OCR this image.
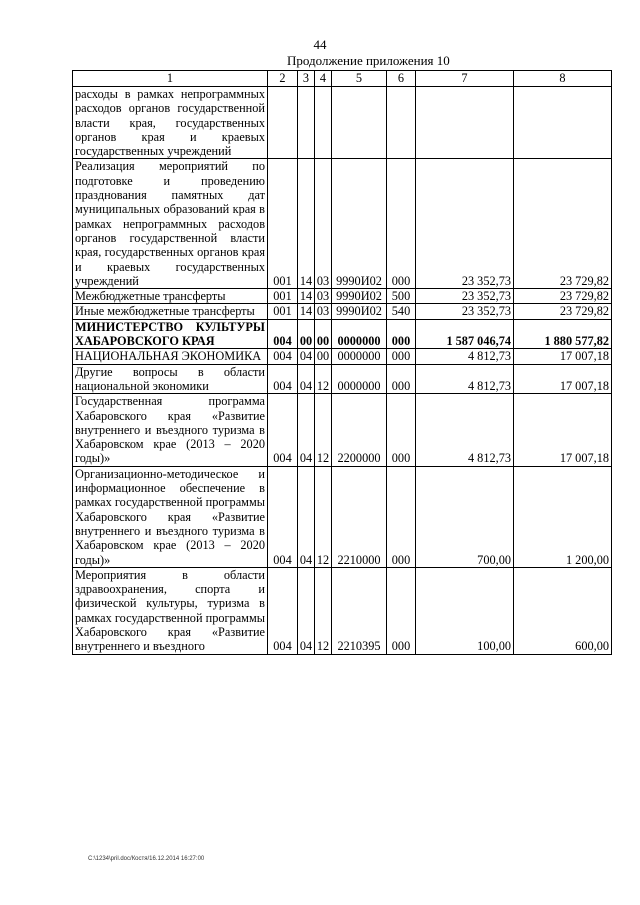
44
Продолжение приложения 10
1	2	3	4	5	6	7	8
расходы в рамках непрограммных расходов органов государственной власти края, государственных органов края и краевых государственных учреждений							
Реализация мероприятий по подготовке и проведению празднования памятных дат муниципальных образований края в рамках непрограммных расходов органов государственной власти края, государственных органов края и краевых государственных учреждений	001	14	03	9990И02	000	23 352,73	23 729,82
Межбюджетные трансферты	001	14	03	9990И02	500	23 352,73	23 729,82
Иные межбюджетные трансферты	001	14	03	9990И02	540	23 352,73	23 729,82
МИНИСТЕРСТВО КУЛЬТУРЫ ХАБАРОВСКОГО КРАЯ	004	00	00	0000000	000	1 587 046,74	1 880 577,82
НАЦИОНАЛЬНАЯ ЭКОНОМИКА	004	04	00	0000000	000	4 812,73	17 007,18
Другие вопросы в области национальной экономики	004	04	12	0000000	000	4 812,73	17 007,18
Государственная программа Хабаровского края «Развитие внутреннего и въездного туризма в Хабаровском крае (2013 – 2020 годы)»	004	04	12	2200000	000	4 812,73	17 007,18
Организационно-методическое и информационное обеспечение в рамках государственной программы Хабаровского края «Развитие внутреннего и въездного туризма в Хабаровском крае (2013 – 2020 годы)»	004	04	12	2210000	000	700,00	1 200,00
Мероприятия в области здравоохранения, спорта и физической культуры, туризма в рамках государственной программы Хабаровского края «Развитие внутреннего и въездного	004	04	12	2210395	000	100,00	600,00
C:\1234\pril.doc/Костя/16.12.2014 16:27:00
